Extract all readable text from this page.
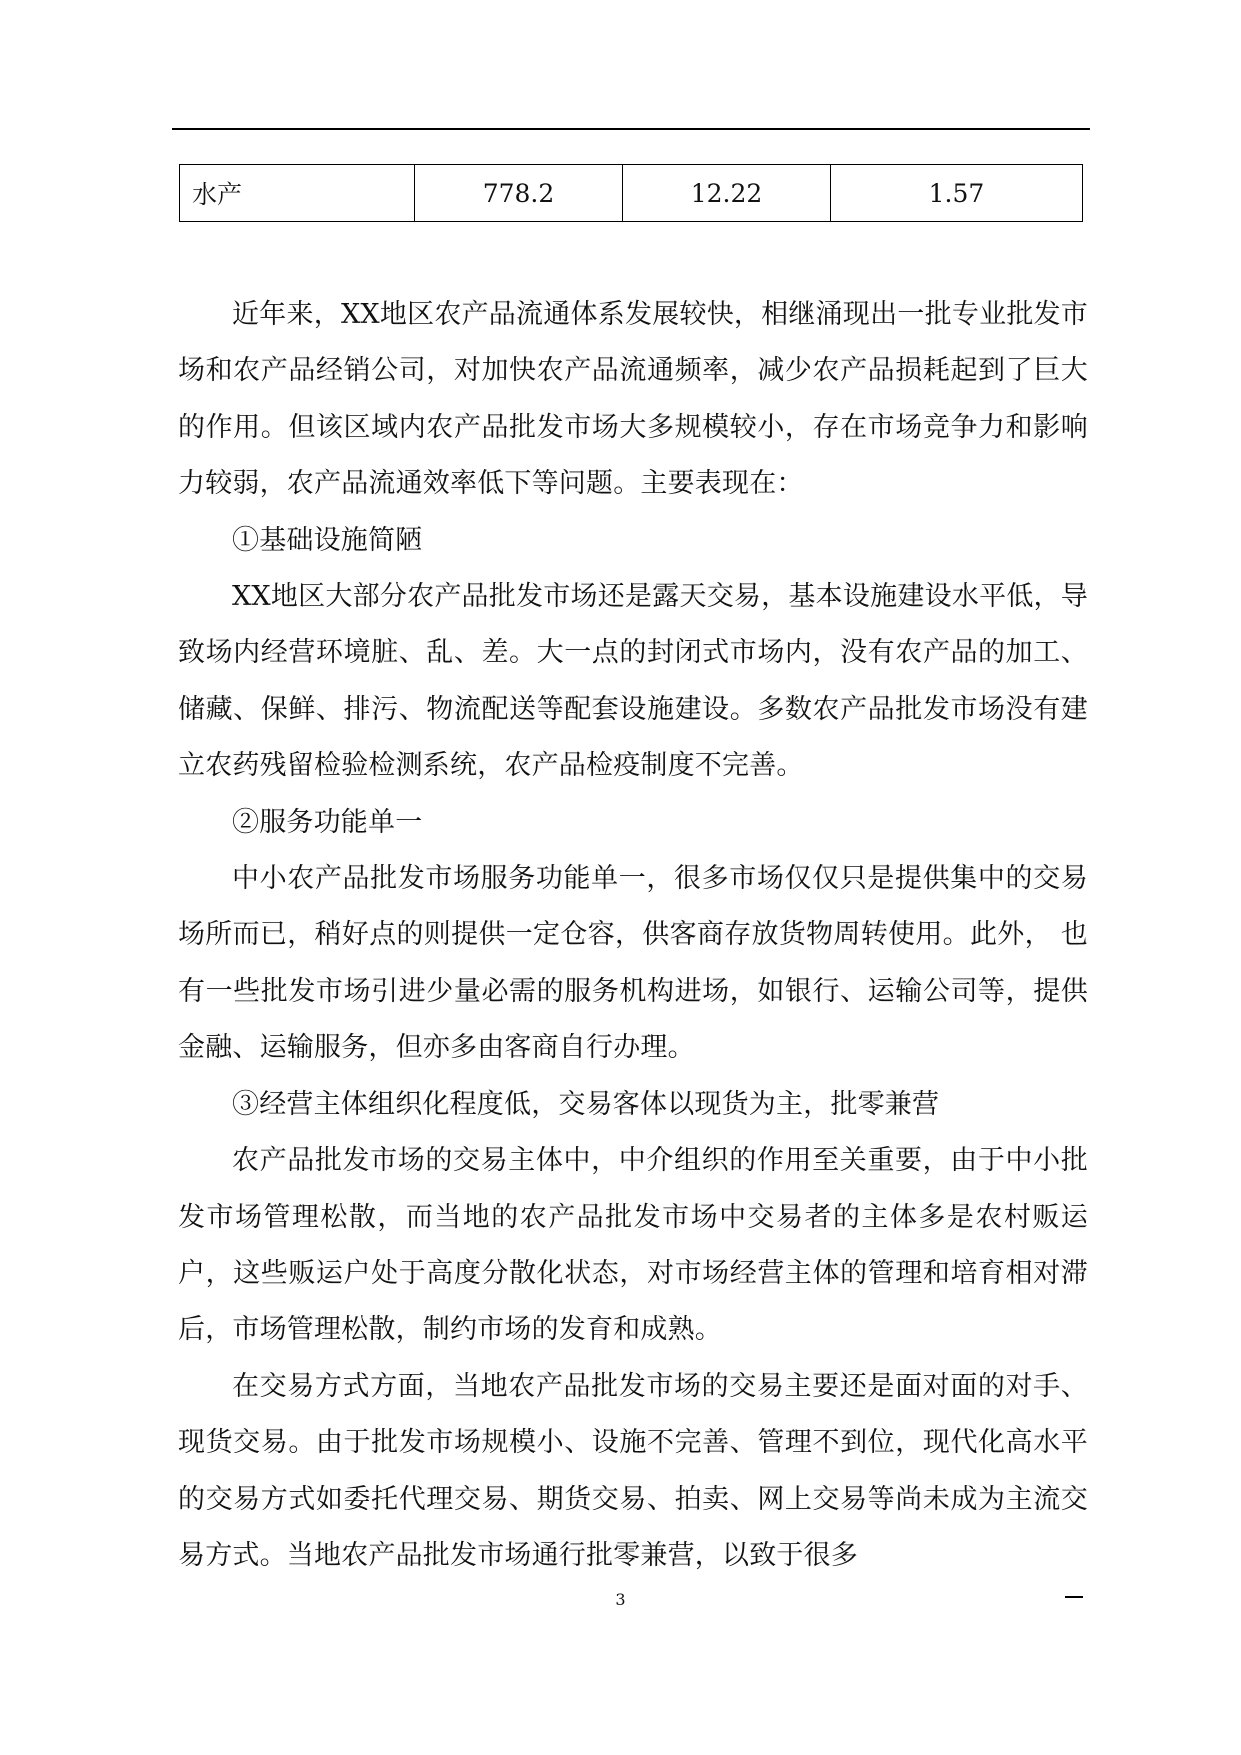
水产	778.2	12.22	1.57

近年来，XX地区农产品流通体系发展较快，相继涌现出一批专业批发市场和农产品经销公司，对加快农产品流通频率，减少农产品损耗起到了巨大的作用。但该区域内农产品批发市场大多规模较小，存在市场竞争力和影响力较弱，农产品流通效率低下等问题。主要表现在：

①基础设施简陋

XX地区大部分农产品批发市场还是露天交易，基本设施建设水平低，导致场内经营环境脏、乱、差。大一点的封闭式市场内，没有农产品的加工、储藏、保鲜、排污、物流配送等配套设施建设。多数农产品批发市场没有建立农药残留检验检测系统，农产品检疫制度不完善。

②服务功能单一

中小农产品批发市场服务功能单一，很多市场仅仅只是提供集中的交易场所而已，稍好点的则提供一定仓容，供客商存放货物周转使用。此外， 也有一些批发市场引进少量必需的服务机构进场，如银行、运输公司等，提供金融、运输服务，但亦多由客商自行办理。

③经营主体组织化程度低，交易客体以现货为主，批零兼营

农产品批发市场的交易主体中，中介组织的作用至关重要，由于中小批发市场管理松散，而当地的农产品批发市场中交易者的主体多是农村贩运户，这些贩运户处于高度分散化状态，对市场经营主体的管理和培育相对滞后，市场管理松散，制约市场的发育和成熟。

在交易方式方面，当地农产品批发市场的交易主要还是面对面的对手、现货交易。由于批发市场规模小、设施不完善、管理不到位，现代化高水平的交易方式如委托代理交易、期货交易、拍卖、网上交易等尚未成为主流交易方式。当地农产品批发市场通行批零兼营，以致于很多

3
